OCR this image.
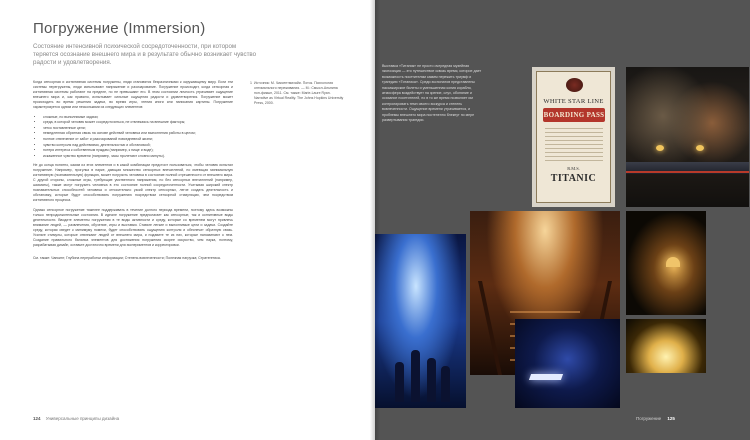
Погружение (Immersion)
Состояние интенсивной психической сосредоточенности, при котором теряется осознание внешнего мира и в результате обычно возникает чувство радости и удовлетворения.

Когда сенсорная и когнитивная системы погружены, люди становятся безразличными к окружающему миру. Если эти системы перегружены, люди испытывают напряжение и разочарование. Погружение происходит, когда сенсорная и когнитивная системы работают на пределе, но не превышают его. В этом состоянии личность утрачивает ощущение внешнего мира и, как правило, испытывает сильные ощущения радости и удовлетворения. Погружение может происходить во время решения задачи, во время игры, чтения книги или написания картины. Погружение характеризуется одним или несколькими из следующих элементов:

• сложные, но выполнимые задачи;
• среда, в которой человек может сосредоточиться, не отвлекаясь на внешние факторы;
• четко поставленные цели;
• немедленная обратная связь на основе действий человека или выполнения работы в целом;
• полное отвлечение от забот и разочарований повседневной жизни;
• чувство контроля над действиями, деятельностью и обстановкой;
• потеря интереса к собственным нуждам (например, к пище и воде);
• искаженное чувство времени (например, часы пролетают словно минуты).

Не до конца понятно, каким из этих элементов и в какой комбинации предстоит пользоваться, чтобы человек испытал погружение. Например, прогулка в парке, дающая множество сенсорных впечатлений, но имеющая минимальную когнитивную (познавательную) функцию, может погрузить человека в состояние полной отрешенности от внешнего мира. С другой стороны, сложные игры, требующие умственного напряжения, но без сенсорных впечатлений (например, шахматы), также могут погрузить человека в это состояние полной сосредоточенности. Учитывая широкий спектр познавательных способностей человека и относительно узкий спектр сенсорных, легче создать деятельность и обстановку, которые будут способствовать погружению посредством сенсорной стимуляции, чем посредством когнитивного процесса.

Однако сенсорное погружение тяжелее поддерживать в течение долгого периода времени, поэтому здесь возможны только непродолжительные состояния. В идеале погружение предполагает как сенсорные, так и когнитивные виды деятельности. Вводите элементы погружения в те виды активности и среду, которые со временем могут привлечь внимание людей, — развлечения, обучение, игры и выставки. Ставьте легкие и выполнимые цели и задачи. Создайте среду, которая сведет к минимуму помехи, будет способствовать ощущению контроля и обеспечит обратную связь. Усильте стимулы, которые отвлекают людей от внешнего мира, и подавите те из них, которые напоминают о нем. Создание правильного баланса элементов для достижения погружения скорее искусство, чем наука, поэтому, разрабатывая дизайн, оставьте достаточно времени для экспериментов и корректировки.

См. также: Чанкинг; Глубина переработки информации; Степень вовлеченности; Полезная нагрузка; Стратегетика.

1 Источник: М. Чиксентмихайи. Поток. Психология оптимального переживания. — М.: Смысл-Альпина нон-фикшн, 2011. См. также: Marie-Laure Ryan. Narrative as Virtual Reality. The Johns Hopkins University Press, 2000.
124 Универсальные принципы дизайна
Выставка «Титаник» не просто очередная музейная экспозиция — это путешествие сквозь время, которое дает возможность посетителям самим пережить триумф и трагедию «Титаника». Среди экспонатов представлены пассажирские билеты и уменьшенная копия корабля, атмосфера воздействует на зрение, слух, обоняние и осязание посетителей, но в то же время позволяет им контролировать темп своего экскурса и степень вовлеченности. Ощущение времени утрачивается, и проблемы внешнего мира постепенно блекнут по мере развертывания трагедии.
WHITE STAR LINE
BOARDING PASS
R.M.S.
TITANIC
Погружение 125
